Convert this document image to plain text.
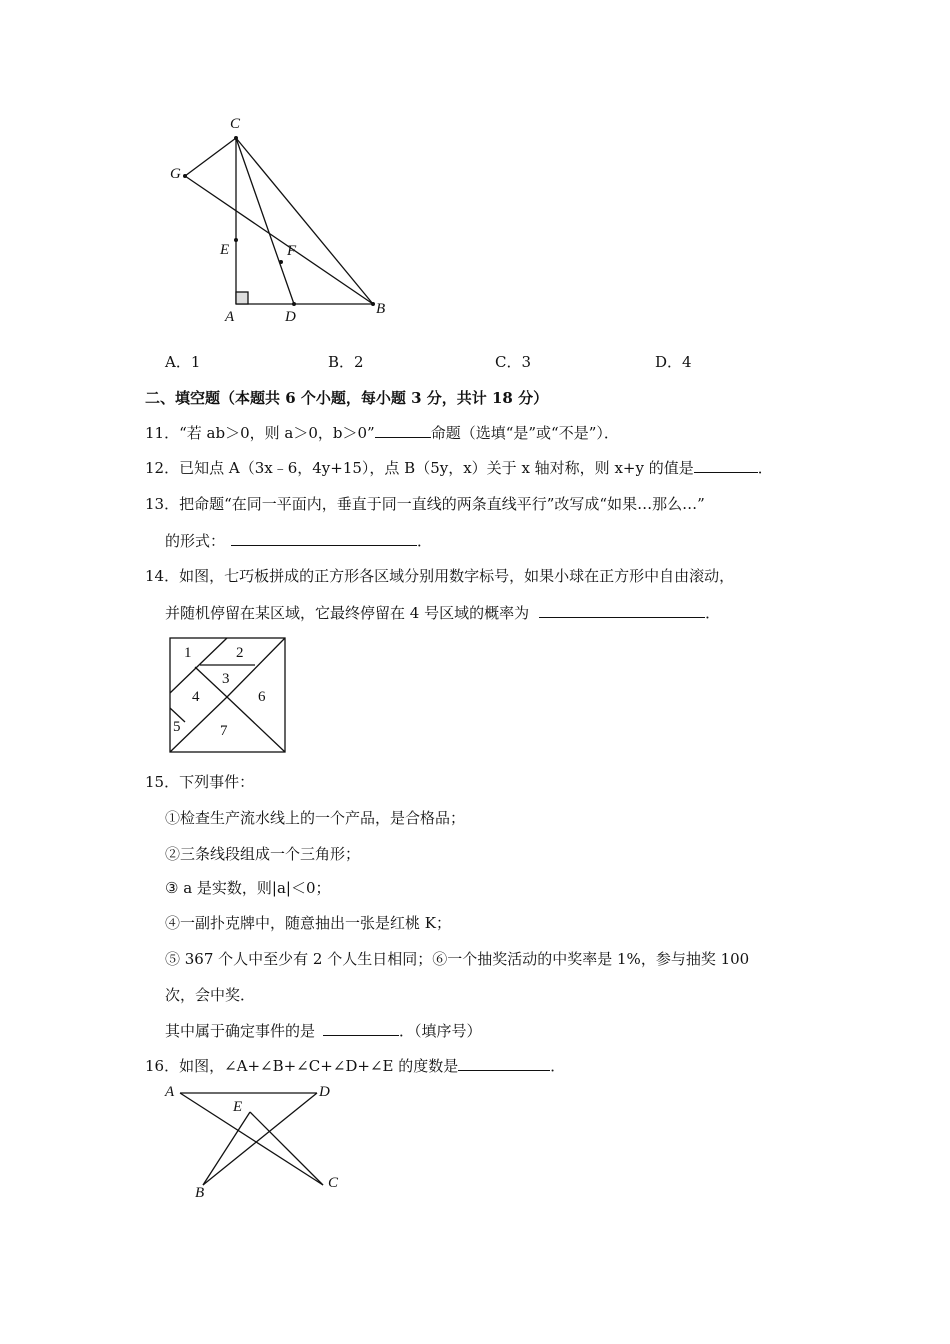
C
G
E	F
A	D	B
A．1	B．2	C．3	D．4
二、填空题（本题共 6 个小题，每小题 3 分，共计 18 分）
11．“若 ab＞0，则 a＞0，b＞0”	命题（选填“是”或“不是”）．
12．已知点 A（3x﹣6，4y+15），点 B（5y，x）关于 x 轴对称，则 x+y 的值是	．
13．把命题“在同一平面内，垂直于同一直线的两条直线平行”改写成“如果…那么…”
的形式：	．
14．如图，七巧板拼成的正方形各区域分别用数字标号，如果小球在正方形中自由滚动，
并随机停留在某区域，它最终停留在 4 号区域的概率为	．
1	2
3
4	6
5	7
15．下列事件：
①检查生产流水线上的一个产品，是合格品；
②三条线段组成一个三角形；
③ a 是实数，则|a|＜0；
④一副扑克牌中，随意抽出一张是红桃 K；
⑤ 367 个人中至少有 2 个人生日相同；⑥一个抽奖活动的中奖率是 1%，参与抽奖 100
次，会中奖．
其中属于确定事件的是	．（填序号）
16．如图，∠A+∠B+∠C+∠D+∠E 的度数是	．
A
E
D
B
C
